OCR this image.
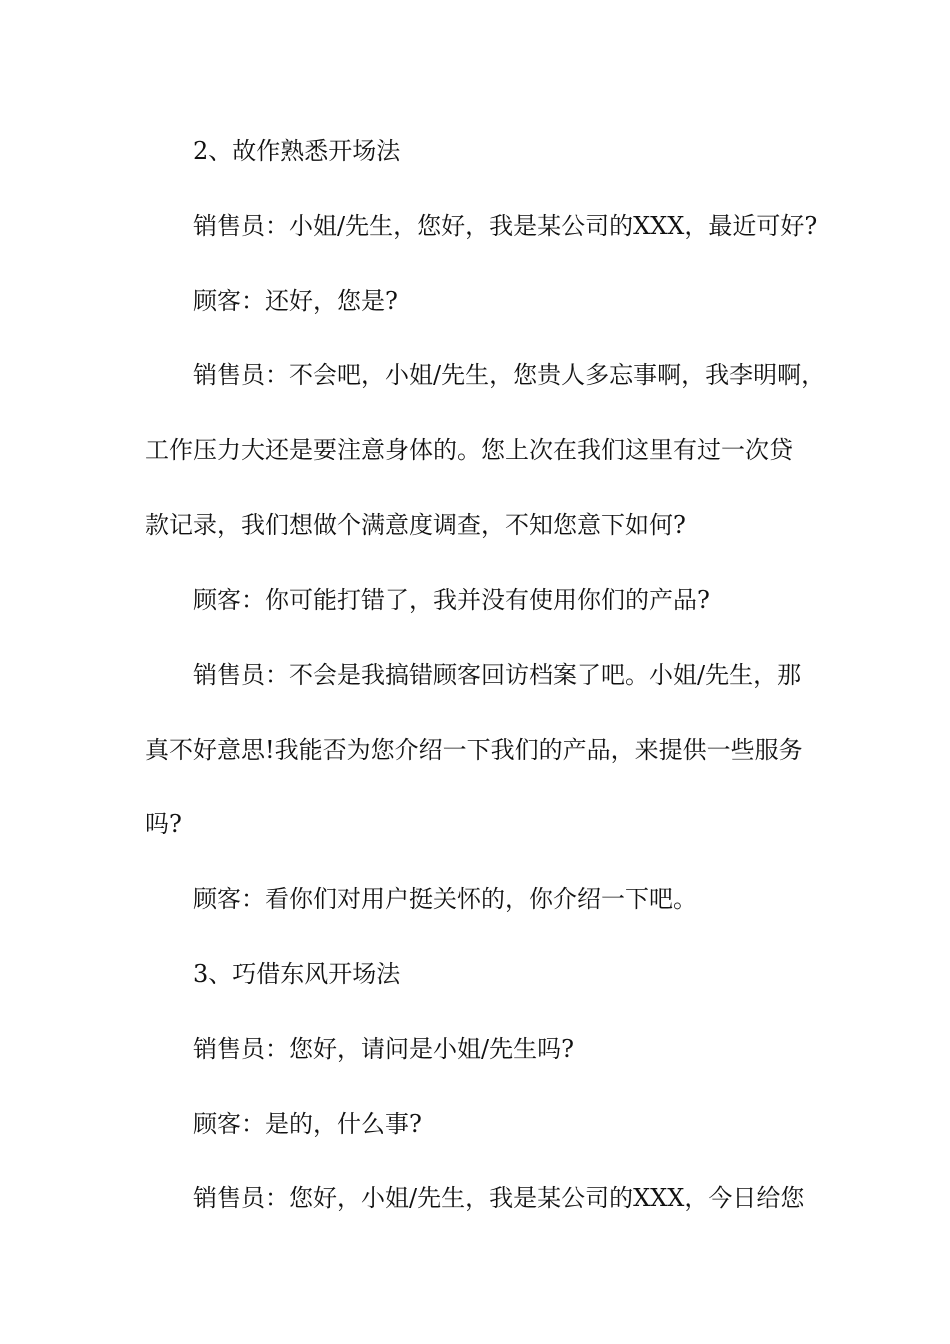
2、故作熟悉开场法

销售员：小姐/先生，您好，我是某公司的XXX，最近可好?

顾客：还好，您是?

销售员：不会吧，小姐/先生，您贵人多忘事啊，我李明啊，

工作压力大还是要注意身体的。您上次在我们这里有过一次贷

款记录，我们想做个满意度调查，不知您意下如何?

顾客：你可能打错了，我并没有使用你们的产品?

销售员：不会是我搞错顾客回访档案了吧。小姐/先生，那

真不好意思!我能否为您介绍一下我们的产品，来提供一些服务

吗?

顾客：看你们对用户挺关怀的，你介绍一下吧。

3、巧借东风开场法

销售员：您好，请问是小姐/先生吗?

顾客：是的，什么事?

销售员：您好，小姐/先生，我是某公司的XXX，今日给您
